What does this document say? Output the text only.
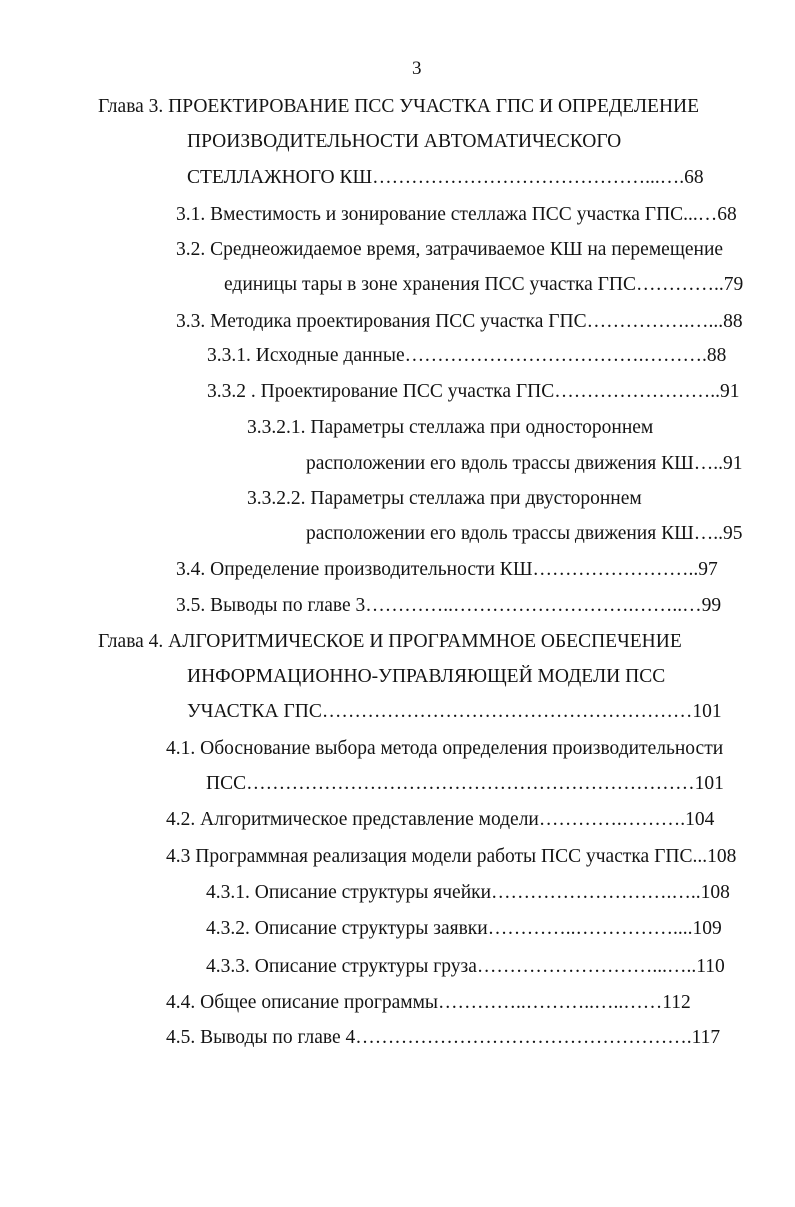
3
Глава 3. ПРОЕКТИРОВАНИЕ ПСС УЧАСТКА ГПС И ОПРЕДЕЛЕНИЕ
ПРОИЗВОДИТЕЛЬНОСТИ АВТОМАТИЧЕСКОГО
СТЕЛЛАЖНОГО КШ……………………………………...….68
3.1. Вместимость и зонирование стеллажа ПСС участка ГПС...…68
3.2. Среднеожидаемое время, затрачиваемое КШ на перемещение
единицы тары в зоне хранения ПСС участка ГПС…………..79
3.3. Методика проектирования ПСС участка ГПС…………….…...88
3.3.1. Исходные данные……………………………….……….88
3.3.2 . Проектирование ПСС участка ГПС……………………..91
3.3.2.1. Параметры стеллажа при одностороннем
расположении его вдоль трассы движения КШ…..91
3.3.2.2. Параметры стеллажа при двустороннем
расположении его вдоль трассы движения КШ…..95
3.4. Определение производительности КШ……………………..97
3.5. Выводы по главе 3…………..……………………….……..…99
Глава 4. АЛГОРИТМИЧЕСКОЕ И ПРОГРАММНОЕ ОБЕСПЕЧЕНИЕ
ИНФОРМАЦИОННО-УПРАВЛЯЮЩЕЙ МОДЕЛИ ПСС
УЧАСТКА ГПС…………………………………………………101
4.1. Обоснование выбора метода определения производительности
ПСС……………………………………………………………101
4.2. Алгоритмическое представление модели………….……….104
4.3 Программная реализация модели работы ПСС участка ГПС...108
4.3.1. Описание структуры ячейки……………………….…..108
4.3.2. Описание структуры заявки…………..……………....109
4.3.3. Описание структуры груза………………………...…..110
4.4. Общее описание программы…………..………..…..……112
4.5. Выводы по главе 4…………………………………………….117
